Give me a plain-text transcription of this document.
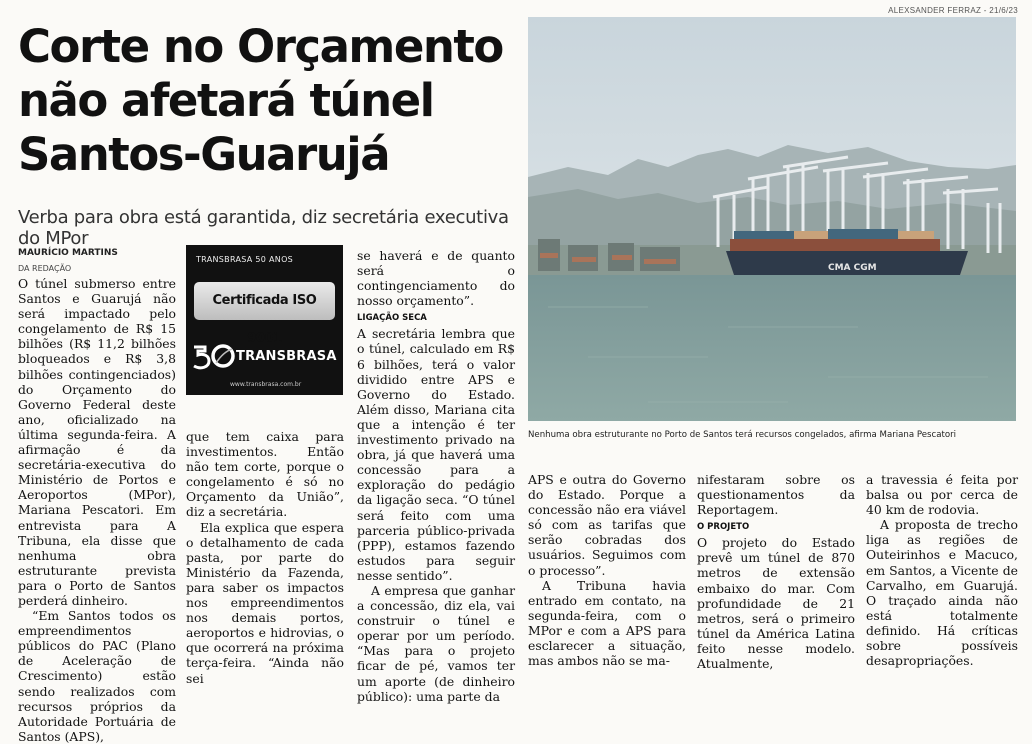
ALEXSANDER FERRAZ - 21/6/23
Corte no Orçamento
não afetará túnel
Santos-Guarujá
Verba para obra está garantida, diz secretária executiva do MPor
MAURÍCIO MARTINS
DA REDAÇÃO

O túnel submerso entre Santos e Guarujá não será impactado pelo congelamento de R$ 15 bilhões (R$ 11,2 bilhões bloqueados e R$ 3,8 bilhões contingenciados) do Orçamento do Governo Federal deste ano, oficializado na última segunda-feira. A afirmação é da secretária-executiva do Ministério de Portos e Aeroportos (MPor), Mariana Pescatori. Em entrevista para A Tribuna, ela disse que nenhuma obra estruturante prevista para o Porto de Santos perderá dinheiro.

“Em Santos todos os empreendimentos públicos do PAC (Plano de Aceleração de Crescimento) estão sendo realizados com recursos próprios da Autoridade Portuária de Santos (APS),

TRANSBRASA 50 ANOS
Certificada ISO 9001
TRANSBRASA
www.transbrasa.com.br

que tem caixa para investimentos. Então não tem corte, porque o congelamento é só no Orçamento da União”, diz a secretária.

Ela explica que espera o detalhamento de cada pasta, por parte do Ministério da Fazenda, para saber os impactos nos empreendimentos nos demais portos, aeroportos e hidrovias, o que ocorrerá na próxima terça-feira. “Ainda não sei

se haverá e de quanto será o contingenciamento do nosso orçamento”.

LIGAÇÃO SECA

A secretária lembra que o túnel, calculado em R$ 6 bilhões, terá o valor dividido entre APS e Governo do Estado. Além disso, Mariana cita que a intenção é ter investimento privado na obra, já que haverá uma concessão para a exploração do pedágio da ligação seca. “O túnel será feito com uma parceria público-privada (PPP), estamos fazendo estudos para seguir nesse sentido”.

A empresa que ganhar a concessão, diz ela, vai construir o túnel e operar por um período. “Mas para o projeto ficar de pé, vamos ter um aporte (de dinheiro público): uma parte da

CMA CGM
Nenhuma obra estruturante no Porto de Santos terá recursos congelados, afirma Mariana Pescatori

APS e outra do Governo do Estado. Porque a concessão não era viável só com as tarifas que serão cobradas dos usuários. Seguimos com o processo”.

A Tribuna havia entrado em contato, na segunda-feira, com o MPor e com a APS para esclarecer a situação, mas ambos não se ma-

nifestaram sobre os questionamentos da Reportagem.

O PROJETO

O projeto do Estado prevê um túnel de 870 metros de extensão embaixo do mar. Com profundidade de 21 metros, será o primeiro túnel da América Latina feito nesse modelo. Atualmente,

a travessia é feita por balsa ou por cerca de 40 km de rodovia.

A proposta de trecho liga as regiões de Outeirinhos e Macuco, em Santos, a Vicente de Carvalho, em Guarujá. O traçado ainda não está totalmente definido. Há críticas sobre possíveis desapropriações.
